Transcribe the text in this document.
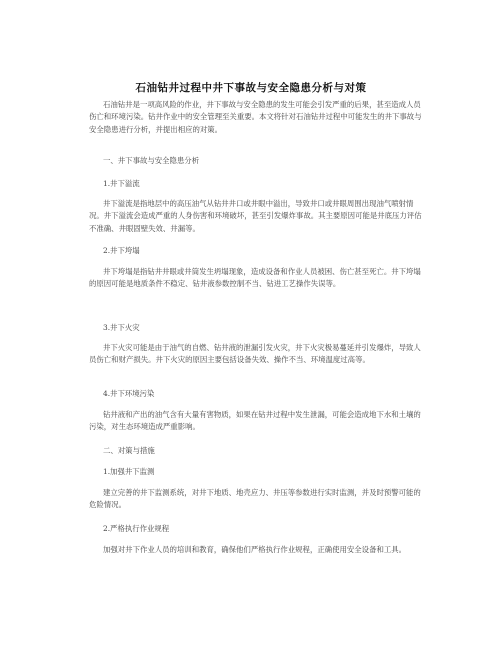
石油钻井过程中井下事故与安全隐患分析与对策

石油钻井是一项高风险的作业，井下事故与安全隐患的发生可能会引发严重的后果，甚至造成人员伤亡和环境污染。钻井作业中的安全管理至关重要。本文将针对石油钻井过程中可能发生的井下事故与安全隐患进行分析，并提出相应的对策。

一、井下事故与安全隐患分析
1.井下溢流

井下溢流是指地层中的高压油气从钻井井口或井眼中溢出，导致井口或井眼周围出现油气喷射情况。井下溢流会造成严重的人身伤害和环境破坏，甚至引发爆炸事故。其主要原因可能是井底压力评估不准确、井眼固壁失效、井漏等。

2.井下垮塌

井下垮塌是指钻井井眼或井筒发生坍塌现象，造成设备和作业人员被困、伤亡甚至死亡。井下垮塌的原因可能是地质条件不稳定、钻井液参数控制不当、钻进工艺操作失误等。

3.井下火灾

井下火灾可能是由于油气的自燃、钻井液的泄漏引发火灾，井下火灾极易蔓延并引发爆炸，导致人员伤亡和财产损失。井下火灾的原因主要包括设备失效、操作不当、环境温度过高等。

4.井下环境污染

钻井液和产出的油气含有大量有害物质，如果在钻井过程中发生泄漏，可能会造成地下水和土壤的污染，对生态环境造成严重影响。

二、对策与措施
1.加强井下监测

建立完善的井下监测系统，对井下地质、地壳应力、井压等参数进行实时监测，并及时预警可能的危险情况。

2.严格执行作业规程

加强对井下作业人员的培训和教育，确保他们严格执行作业规程，正确使用安全设备和工具。
